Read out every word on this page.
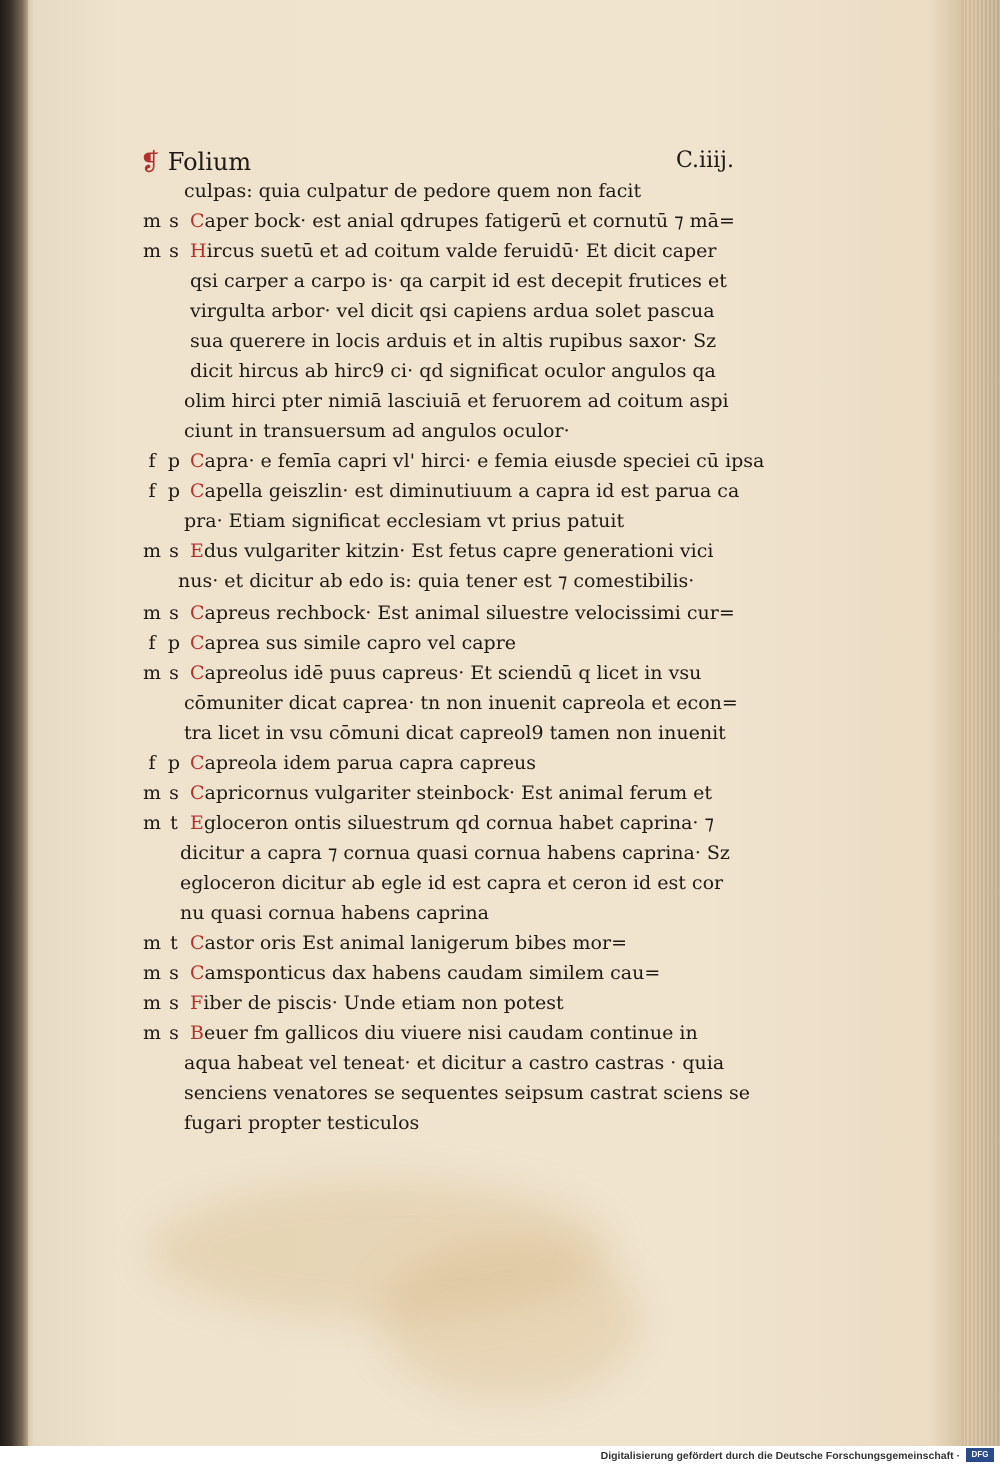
❡ Folium	C.iiij.
culpas: quia culpatur de pedore quem non facit
m s Caper bock· est anial qdrupes fatigerū et cornutū ⁊ mā=
m s Hircus suetū et ad coitum valde feruidū· Et dicit caper
qsi carper a carpo is· qa carpit id est decepit frutices et
virgulta arbor· vel dicit qsi capiens ardua solet pascua
sua querere in locis arduis et in altis rupibus saxor· Sz
dicit hircus ab hirc9 ci· qd significat oculor angulos qa
olim hirci pter nimiā lasciuiā et feruorem ad coitum aspi
ciunt in transuersum ad angulos oculor·
f p Capra· e femīa capri vl' hirci· e femia eiusde speciei cū ipsa
f p Capella geiszlin· est diminutiuum a capra id est parua ca
pra· Etiam significat ecclesiam vt prius patuit
m s Edus vulgariter kitzin· Est fetus capre generationi vici
nus· et dicitur ab edo is: quia tener est ⁊ comestibilis·
m s Capreus rechbock· Est animal siluestre velocissimi cur=
f p Caprea sus simile capro vel capre
m s Capreolus idē puus capreus· Et sciendū q licet in vsu
cōmuniter dicat caprea· tn non inuenit capreola et econ=
tra licet in vsu cōmuni dicat capreol9 tamen non inuenit
f p Capreola idem parua capra capreus
m s Capricornus vulgariter steinbock· Est animal ferum et
m t Egloceron ontis siluestrum qd cornua habet caprina· ⁊
dicitur a capra ⁊ cornua quasi cornua habens caprina· Sz
egloceron dicitur ab egle id est capra et ceron id est cor
nu quasi cornua habens caprina
m t Castor oris Est animal lanigerum bibes mor=
m s Camsponticus dax habens caudam similem cau=
m s Fiber de piscis· Unde etiam non potest
m s Beuer fm gallicos diu viuere nisi caudam continue in
aqua habeat vel teneat· et dicitur a castro castras · quia
senciens venatores se sequentes seipsum castrat sciens se
fugari propter testiculos
Digitalisierung gefördert durch die Deutsche Forschungsgemeinschaft ·	DFG
